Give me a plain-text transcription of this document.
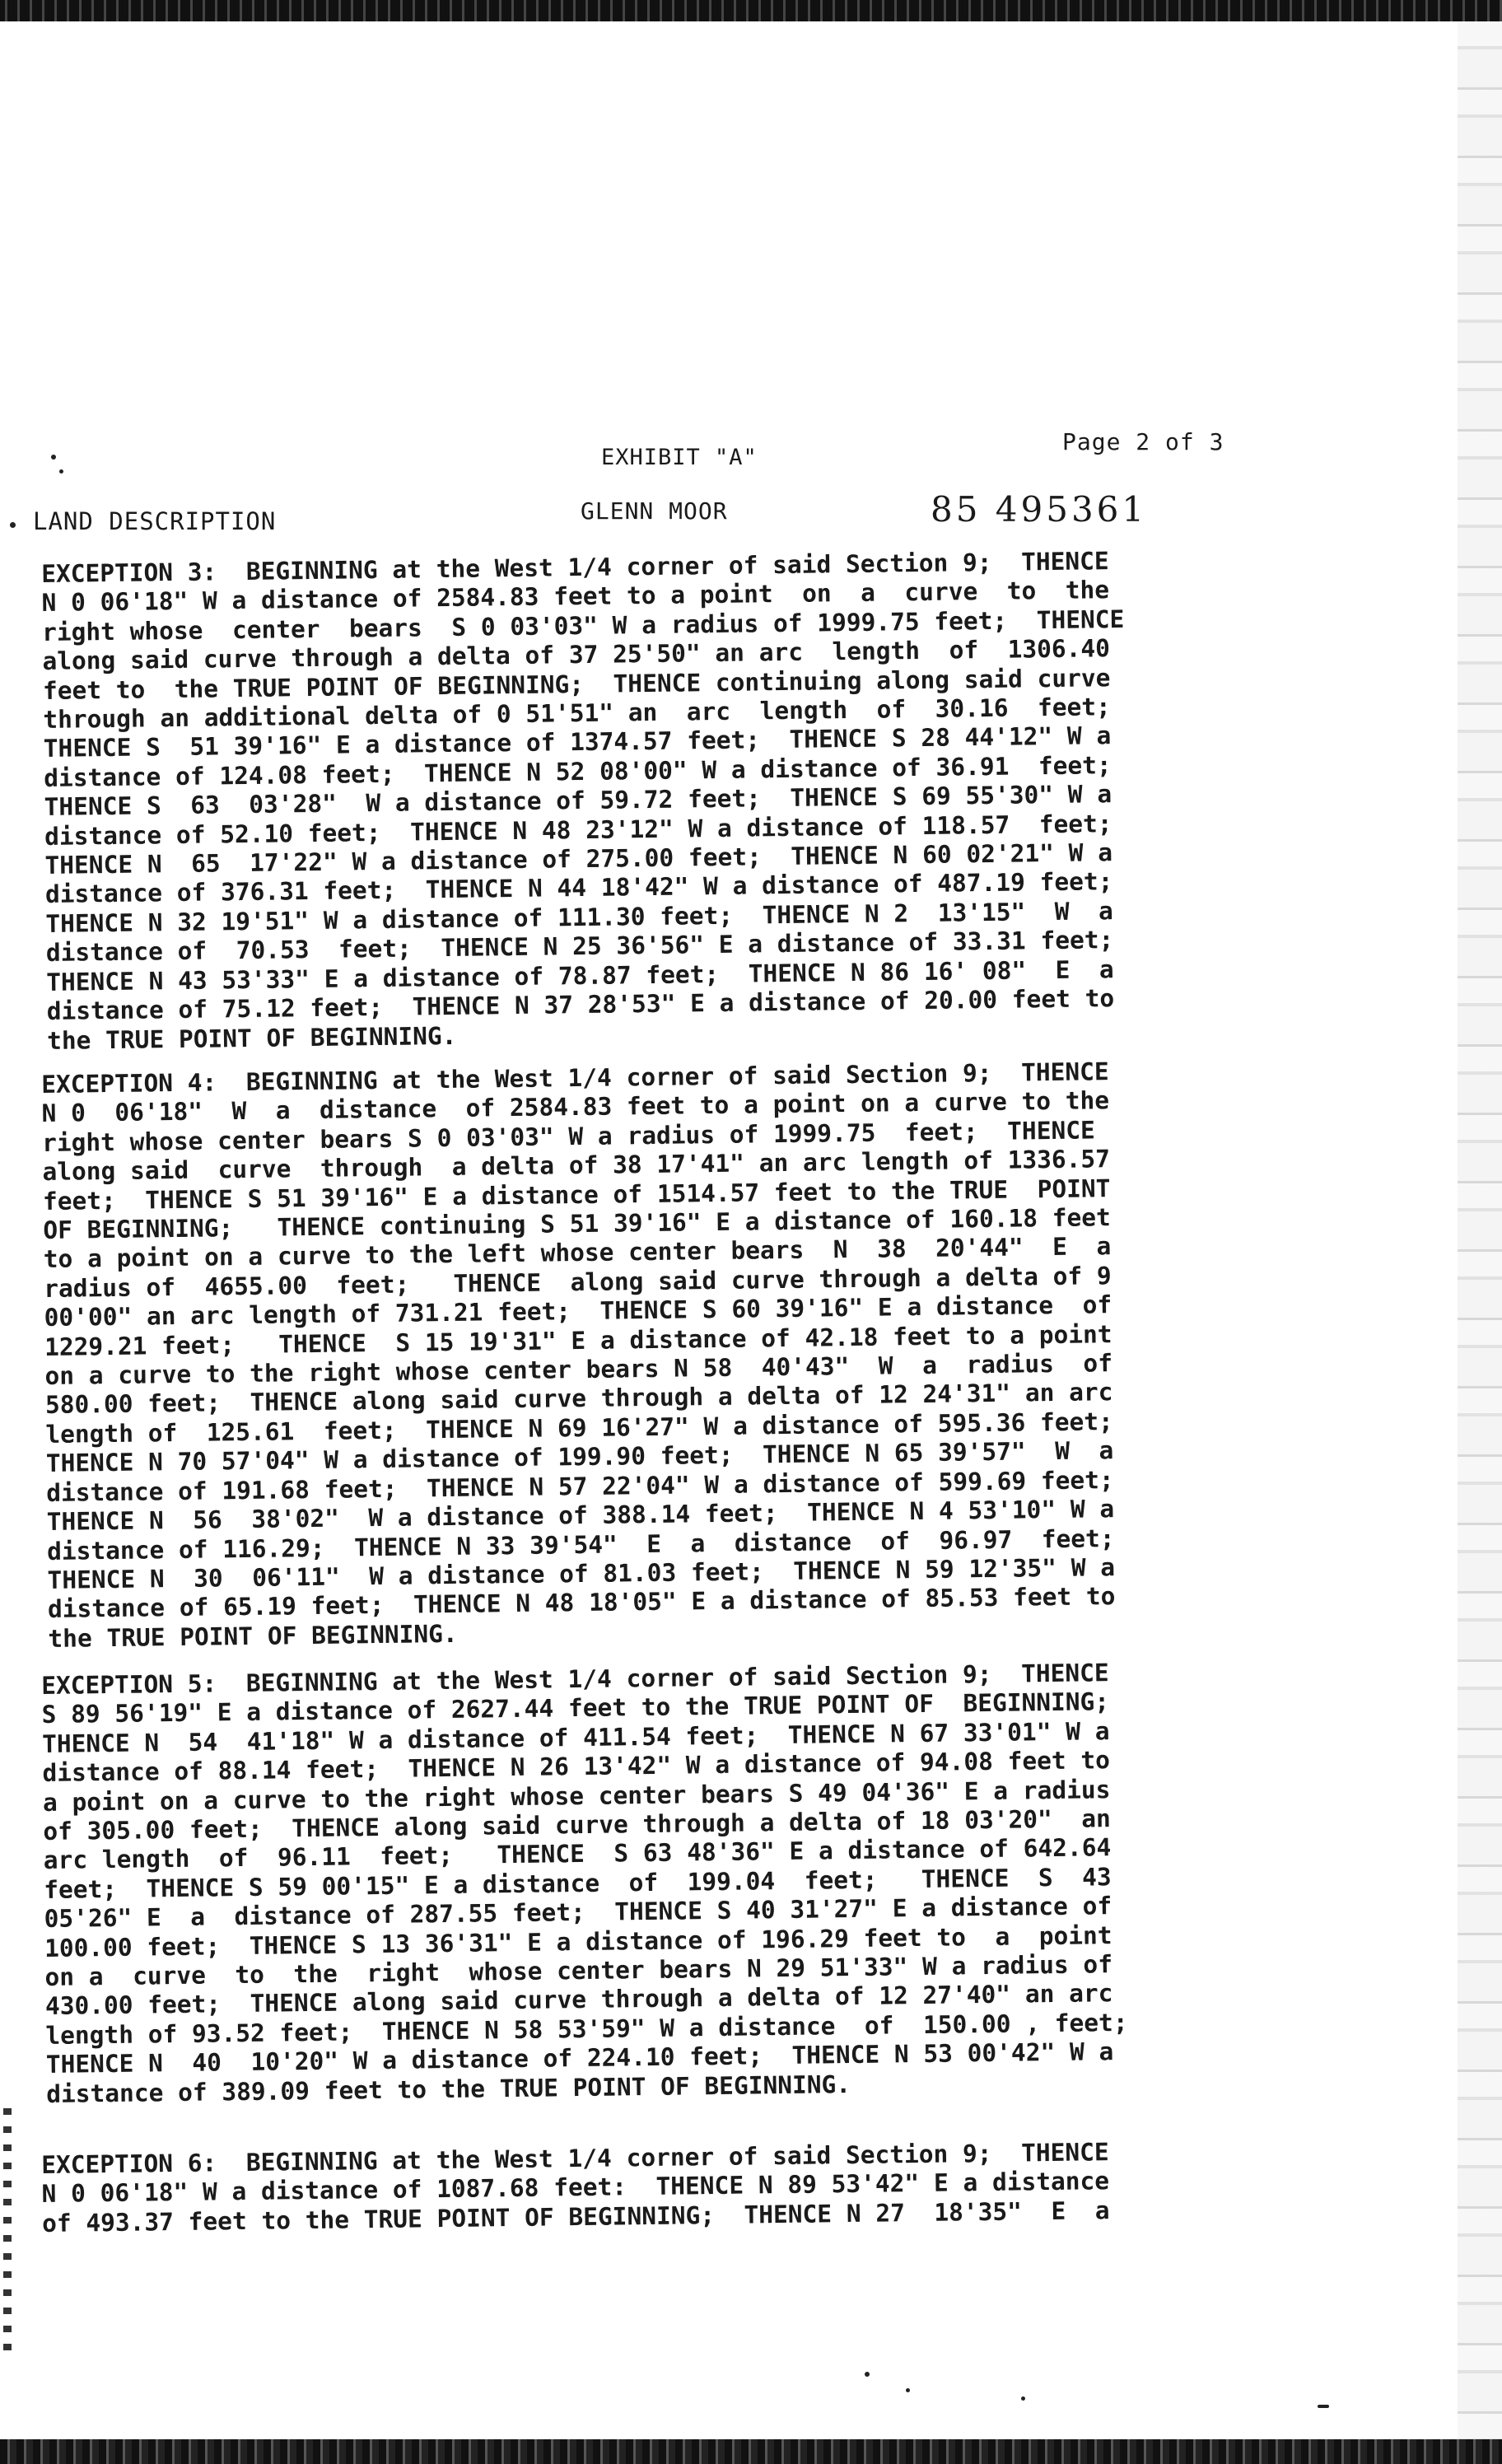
EXHIBIT "A"
Page 2 of 3
LAND DESCRIPTION	GLENN MOOR	85 495361
EXCEPTION 3:  BEGINNING at the West 1/4 corner of said Section 9;  THENCE
N 0 06'18" W a distance of 2584.83 feet to a point  on  a  curve  to  the
right whose  center  bears  S 0 03'03" W a radius of 1999.75 feet;  THENCE
along said curve through a delta of 37 25'50" an arc  length  of  1306.40
feet to  the TRUE POINT OF BEGINNING;  THENCE continuing along said curve
through an additional delta of 0 51'51" an  arc  length  of  30.16  feet;
THENCE S  51 39'16" E a distance of 1374.57 feet;  THENCE S 28 44'12" W a
distance of 124.08 feet;  THENCE N 52 08'00" W a distance of 36.91  feet;
THENCE S  63  03'28"  W a distance of 59.72 feet;  THENCE S 69 55'30" W a
distance of 52.10 feet;  THENCE N 48 23'12" W a distance of 118.57  feet;
THENCE N  65  17'22" W a distance of 275.00 feet;  THENCE N 60 02'21" W a
distance of 376.31 feet;  THENCE N 44 18'42" W a distance of 487.19 feet;
THENCE N 32 19'51" W a distance of 111.30 feet;  THENCE N 2  13'15"  W  a
distance of  70.53  feet;  THENCE N 25 36'56" E a distance of 33.31 feet;
THENCE N 43 53'33" E a distance of 78.87 feet;  THENCE N 86 16' 08"  E  a
distance of 75.12 feet;  THENCE N 37 28'53" E a distance of 20.00 feet to
the TRUE POINT OF BEGINNING.
EXCEPTION 4:  BEGINNING at the West 1/4 corner of said Section 9;  THENCE
N 0  06'18"  W  a  distance  of 2584.83 feet to a point on a curve to the
right whose center bears S 0 03'03" W a radius of 1999.75  feet;  THENCE
along said  curve  through  a delta of 38 17'41" an arc length of 1336.57
feet;  THENCE S 51 39'16" E a distance of 1514.57 feet to the TRUE  POINT
OF BEGINNING;   THENCE continuing S 51 39'16" E a distance of 160.18 feet
to a point on a curve to the left whose center bears  N  38  20'44"  E  a
radius of  4655.00  feet;   THENCE  along said curve through a delta of 9
00'00" an arc length of 731.21 feet;  THENCE S 60 39'16" E a distance  of
1229.21 feet;   THENCE  S 15 19'31" E a distance of 42.18 feet to a point
on a curve to the right whose center bears N 58  40'43"  W  a  radius  of
580.00 feet;  THENCE along said curve through a delta of 12 24'31" an arc
length of  125.61  feet;  THENCE N 69 16'27" W a distance of 595.36 feet;
THENCE N 70 57'04" W a distance of 199.90 feet;  THENCE N 65 39'57"  W  a
distance of 191.68 feet;  THENCE N 57 22'04" W a distance of 599.69 feet;
THENCE N  56  38'02"  W a distance of 388.14 feet;  THENCE N 4 53'10" W a
distance of 116.29;  THENCE N 33 39'54"  E  a  distance  of  96.97  feet;
THENCE N  30  06'11"  W a distance of 81.03 feet;  THENCE N 59 12'35" W a
distance of 65.19 feet;  THENCE N 48 18'05" E a distance of 85.53 feet to
the TRUE POINT OF BEGINNING.
EXCEPTION 5:  BEGINNING at the West 1/4 corner of said Section 9;  THENCE
S 89 56'19" E a distance of 2627.44 feet to the TRUE POINT OF  BEGINNING;
THENCE N  54  41'18" W a distance of 411.54 feet;  THENCE N 67 33'01" W a
distance of 88.14 feet;  THENCE N 26 13'42" W a distance of 94.08 feet to
a point on a curve to the right whose center bears S 49 04'36" E a radius
of 305.00 feet;  THENCE along said curve through a delta of 18 03'20"  an
arc length  of  96.11  feet;   THENCE  S 63 48'36" E a distance of 642.64
feet;  THENCE S 59 00'15" E a distance  of  199.04  feet;   THENCE  S  43
05'26" E  a  distance of 287.55 feet;  THENCE S 40 31'27" E a distance of
100.00 feet;  THENCE S 13 36'31" E a distance of 196.29 feet to  a  point
on a  curve  to  the  right  whose center bears N 29 51'33" W a radius of
430.00 feet;  THENCE along said curve through a delta of 12 27'40" an arc
length of 93.52 feet;  THENCE N 58 53'59" W a distance  of  150.00 , feet;
THENCE N  40  10'20" W a distance of 224.10 feet;  THENCE N 53 00'42" W a
distance of 389.09 feet to the TRUE POINT OF BEGINNING.
EXCEPTION 6:  BEGINNING at the West 1/4 corner of said Section 9;  THENCE
N 0 06'18" W a distance of 1087.68 feet:  THENCE N 89 53'42" E a distance
of 493.37 feet to the TRUE POINT OF BEGINNING;  THENCE N 27  18'35"  E  a
